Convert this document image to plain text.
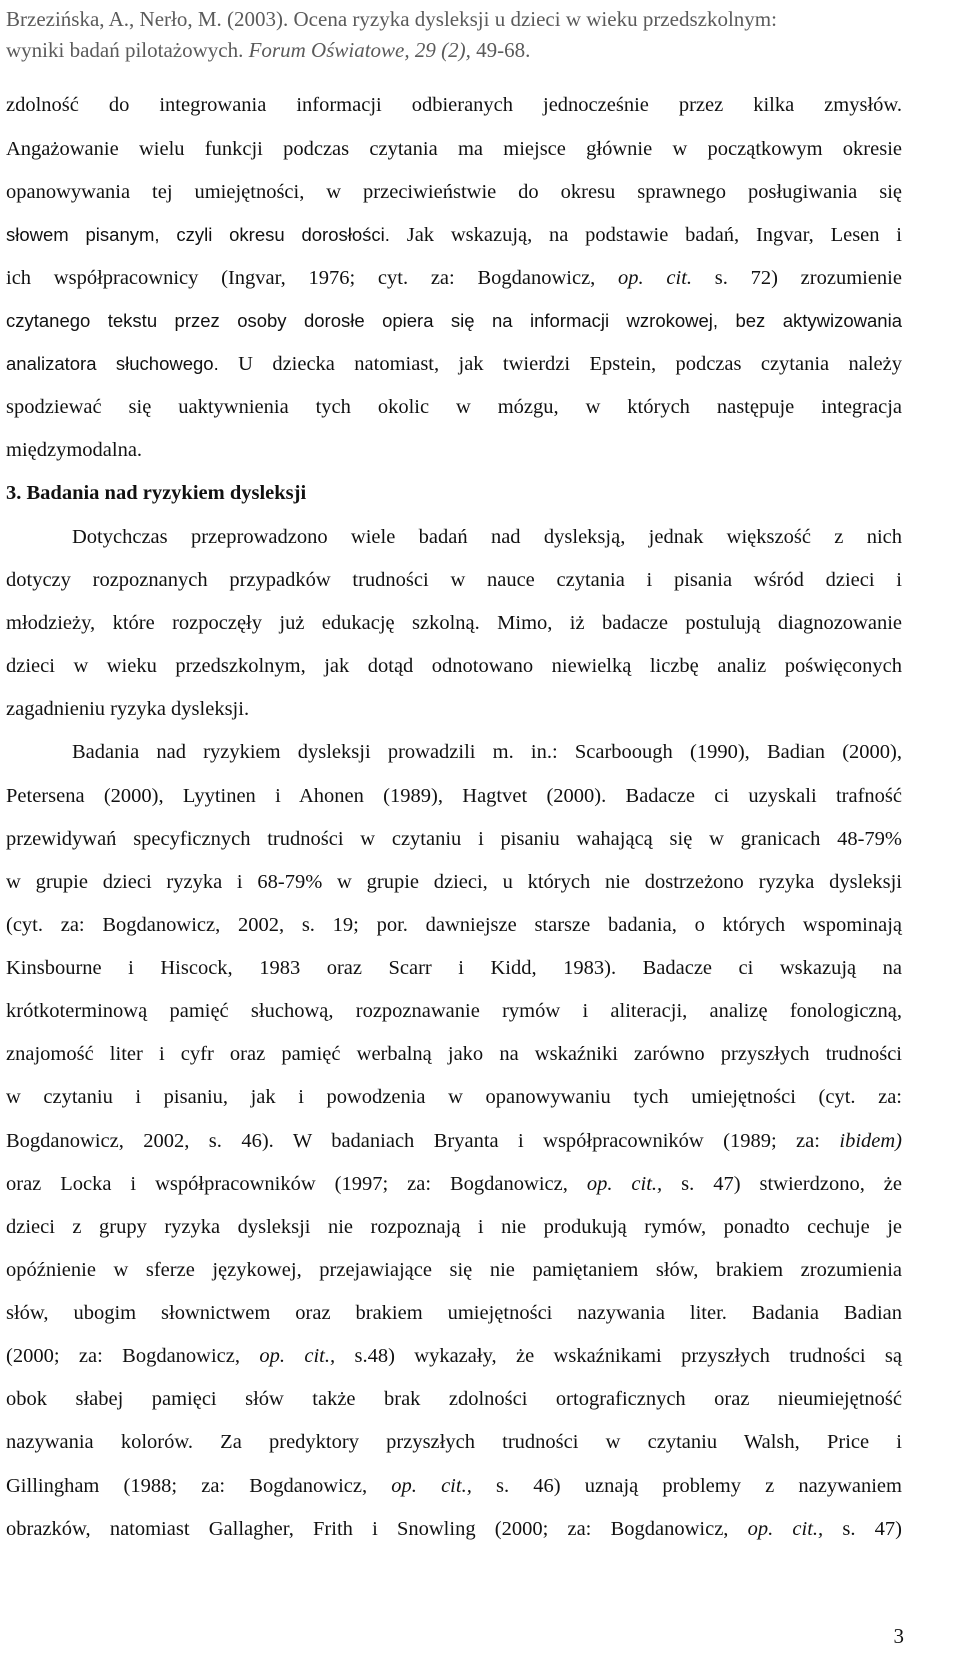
Brzezińska, A., Nerło, M. (2003). Ocena ryzyka dysleksji u dzieci w wieku przedszkolnym:
wyniki badań pilotażowych. Forum Oświatowe, 29 (2), 49-68.
zdolność do integrowania informacji odbieranych jednocześnie przez kilka zmysłów.
Angażowanie wielu funkcji podczas czytania ma miejsce głównie w początkowym okresie
opanowywania tej umiejętności, w przeciwieństwie do okresu sprawnego posługiwania się
słowem pisanym, czyli okresu dorosłości. Jak wskazują, na podstawie badań, Ingvar, Lesen i
ich współpracownicy (Ingvar, 1976; cyt. za: Bogdanowicz, op. cit. s. 72) zrozumienie
czytanego tekstu przez osoby dorosłe opiera się na informacji wzrokowej, bez aktywizowania
analizatora słuchowego. U dziecka natomiast, jak twierdzi Epstein, podczas czytania należy
spodziewać się uaktywnienia tych okolic w mózgu, w których następuje integracja
międzymodalna.
3. Badania nad ryzykiem dysleksji
Dotychczas przeprowadzono wiele badań nad dysleksją, jednak większość z nich
dotyczy rozpoznanych przypadków trudności w nauce czytania i pisania wśród dzieci i
młodzieży, które rozpoczęły już edukację szkolną. Mimo, iż badacze postulują diagnozowanie
dzieci w wieku przedszkolnym, jak dotąd odnotowano niewielką liczbę analiz poświęconych
zagadnieniu ryzyka dysleksji.
Badania nad ryzykiem dysleksji prowadzili m. in.: Scarboough (1990), Badian (2000),
Petersena (2000), Lyytinen i Ahonen (1989), Hagtvet (2000). Badacze ci uzyskali trafność
przewidywań specyficznych trudności w czytaniu i pisaniu wahającą się w granicach 48-79%
w grupie dzieci ryzyka i 68-79% w grupie dzieci, u których nie dostrzeżono ryzyka dysleksji
(cyt. za: Bogdanowicz, 2002, s. 19; por. dawniejsze starsze badania, o których wspominają
Kinsbourne i Hiscock, 1983 oraz Scarr i Kidd, 1983). Badacze ci wskazują na
krótkoterminową pamięć słuchową, rozpoznawanie rymów i aliteracji, analizę fonologiczną,
znajomość liter i cyfr oraz pamięć werbalną jako na wskaźniki zarówno przyszłych trudności
w czytaniu i pisaniu, jak i powodzenia w opanowywaniu tych umiejętności (cyt. za:
Bogdanowicz, 2002, s. 46). W badaniach Bryanta i współpracowników (1989; za: ibidem)
oraz Locka i współpracowników (1997; za: Bogdanowicz, op. cit., s. 47) stwierdzono, że
dzieci z grupy ryzyka dysleksji nie rozpoznają i nie produkują rymów, ponadto cechuje je
opóźnienie w sferze językowej, przejawiające się nie pamiętaniem słów, brakiem zrozumienia
słów, ubogim słownictwem oraz brakiem umiejętności nazywania liter. Badania Badian
(2000; za: Bogdanowicz, op. cit., s.48) wykazały, że wskaźnikami przyszłych trudności są
obok słabej pamięci słów także brak zdolności ortograficznych oraz nieumiejętność
nazywania kolorów. Za predyktory przyszłych trudności w czytaniu Walsh, Price i
Gillingham (1988; za: Bogdanowicz, op. cit., s. 46) uznają problemy z nazywaniem
obrazków, natomiast Gallagher, Frith i Snowling (2000; za: Bogdanowicz, op. cit., s. 47)
3
